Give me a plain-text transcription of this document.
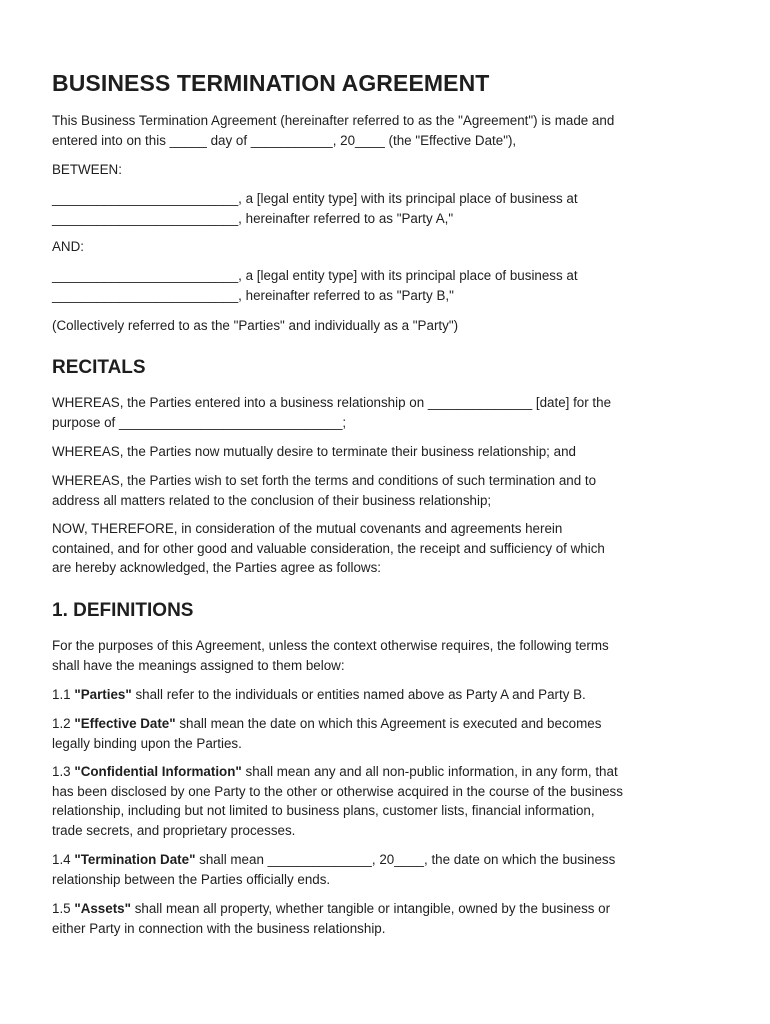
BUSINESS TERMINATION AGREEMENT

This Business Termination Agreement (hereinafter referred to as the "Agreement") is made and
entered into on this _____ day of ___________, 20____ (the "Effective Date"),

BETWEEN:

_________________________, a [legal entity type] with its principal place of business at
_________________________, hereinafter referred to as "Party A,"

AND:

_________________________, a [legal entity type] with its principal place of business at
_________________________, hereinafter referred to as "Party B,"

(Collectively referred to as the "Parties" and individually as a "Party")

RECITALS

WHEREAS, the Parties entered into a business relationship on ______________ [date] for the
purpose of ______________________________;

WHEREAS, the Parties now mutually desire to terminate their business relationship; and

WHEREAS, the Parties wish to set forth the terms and conditions of such termination and to
address all matters related to the conclusion of their business relationship;

NOW, THEREFORE, in consideration of the mutual covenants and agreements herein
contained, and for other good and valuable consideration, the receipt and sufficiency of which
are hereby acknowledged, the Parties agree as follows:

1. DEFINITIONS

For the purposes of this Agreement, unless the context otherwise requires, the following terms
shall have the meanings assigned to them below:

1.1 "Parties" shall refer to the individuals or entities named above as Party A and Party B.

1.2 "Effective Date" shall mean the date on which this Agreement is executed and becomes
legally binding upon the Parties.

1.3 "Confidential Information" shall mean any and all non-public information, in any form, that
has been disclosed by one Party to the other or otherwise acquired in the course of the business
relationship, including but not limited to business plans, customer lists, financial information,
trade secrets, and proprietary processes.

1.4 "Termination Date" shall mean ______________, 20____, the date on which the business
relationship between the Parties officially ends.

1.5 "Assets" shall mean all property, whether tangible or intangible, owned by the business or
either Party in connection with the business relationship.
